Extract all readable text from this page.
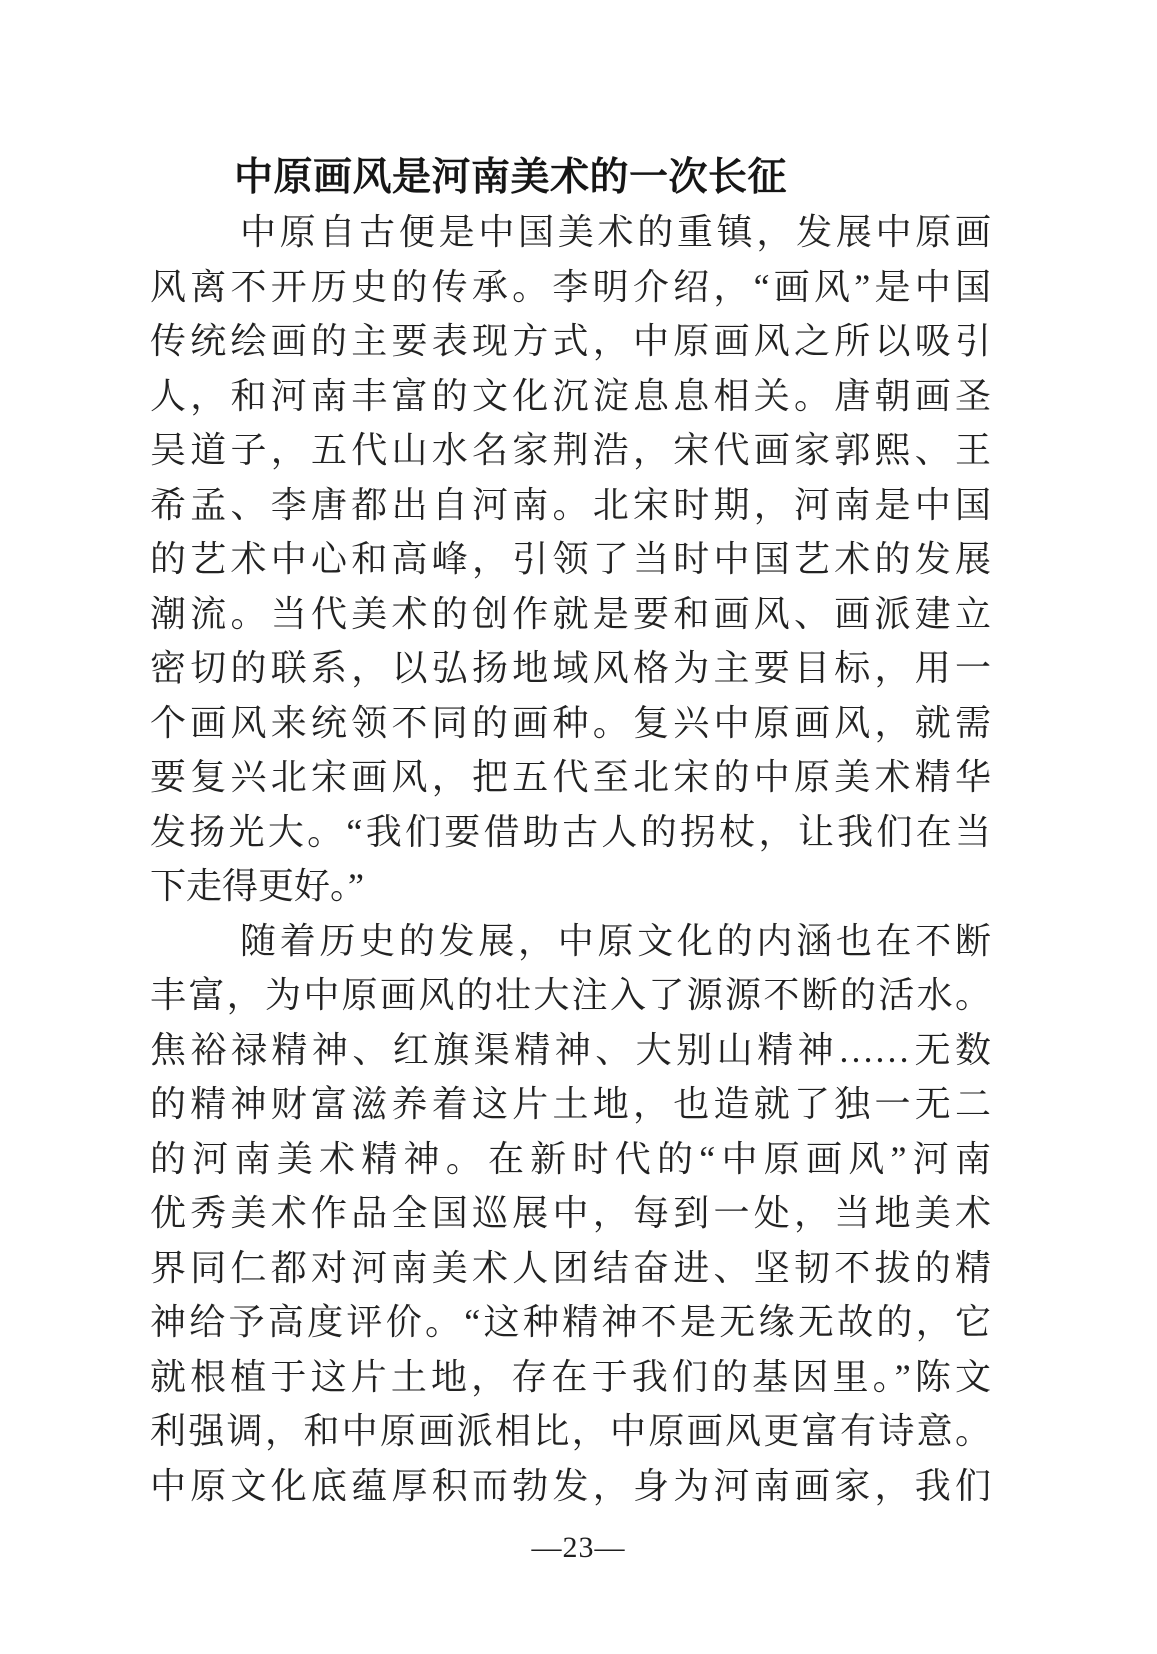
中原画风是河南美术的一次长征
中原自古便是中国美术的重镇，发展中原画
风离不开历史的传承。李明介绍，“画风”是中国
传统绘画的主要表现方式，中原画风之所以吸引
人，和河南丰富的文化沉淀息息相关。唐朝画圣
吴道子，五代山水名家荆浩，宋代画家郭熙、王
希孟、李唐都出自河南。北宋时期，河南是中国
的艺术中心和高峰，引领了当时中国艺术的发展
潮流。当代美术的创作就是要和画风、画派建立
密切的联系，以弘扬地域风格为主要目标，用一
个画风来统领不同的画种。复兴中原画风，就需
要复兴北宋画风，把五代至北宋的中原美术精华
发扬光大。“我们要借助古人的拐杖，让我们在当
下走得更好。”
随着历史的发展，中原文化的内涵也在不断
丰富，为中原画风的壮大注入了源源不断的活水。
焦裕禄精神、红旗渠精神、大别山精神……无数
的精神财富滋养着这片土地，也造就了独一无二
的河南美术精神。在新时代的“中原画风”河南
优秀美术作品全国巡展中，每到一处，当地美术
界同仁都对河南美术人团结奋进、坚韧不拔的精
神给予高度评价。“这种精神不是无缘无故的，它
就根植于这片土地，存在于我们的基因里。”陈文
利强调，和中原画派相比，中原画风更富有诗意。
中原文化底蕴厚积而勃发，身为河南画家，我们
—23—
